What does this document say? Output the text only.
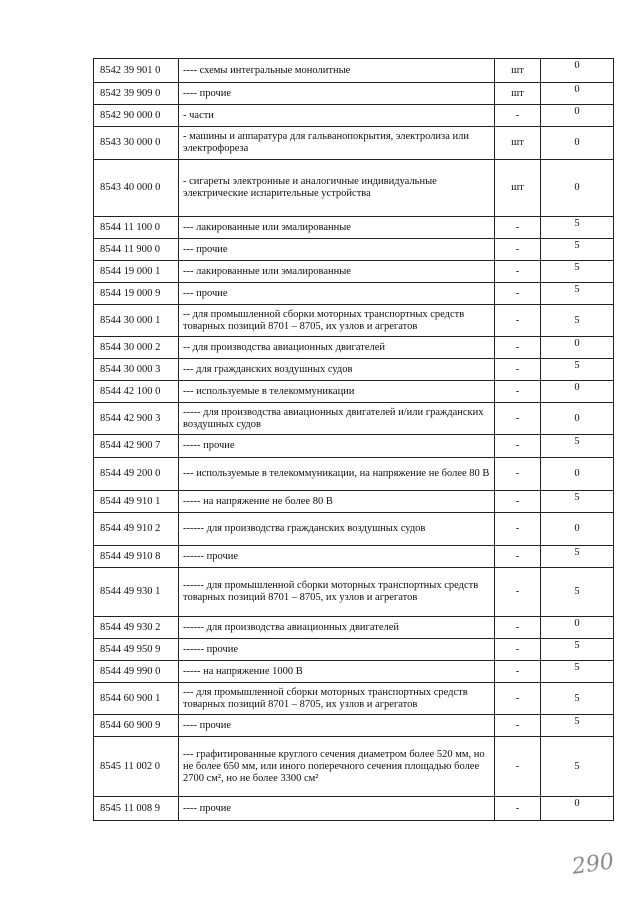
8542 39 901 0	---- схемы интегральные монолитные	шт	0
8542 39 909 0	---- прочие	шт	0
8542 90 000 0	- части	-	0
8543 30 000 0	- машины и аппаратура для гальванопокрытия, электролиза или электрофореза	шт	0
8543 40 000 0	- сигареты электронные и аналогичные индивидуальные электрические испарительные устройства	шт	0
8544 11 100 0	--- лакированные или эмалированные	-	5
8544 11 900 0	--- прочие	-	5
8544 19 000 1	--- лакированные или эмалированные	-	5
8544 19 000 9	--- прочие	-	5
8544 30 000 1	-- для промышленной сборки моторных транспортных средств товарных позиций 8701 – 8705, их узлов и агрегатов	-	5
8544 30 000 2	-- для производства авиационных двигателей	-	0
8544 30 000 3	--- для гражданских воздушных судов	-	5
8544 42 100 0	--- используемые в телекоммуникации	-	0
8544 42 900 3	----- для производства авиационных двигателей и/или гражданских воздушных судов	-	0
8544 42 900 7	----- прочие	-	5
8544 49 200 0	--- используемые в телекоммуникации, на напряжение не более 80 В	-	0
8544 49 910 1	----- на напряжение не более 80 В	-	5
8544 49 910 2	------ для производства гражданских воздушных судов	-	0
8544 49 910 8	------ прочие	-	5
8544 49 930 1	------ для промышленной сборки моторных транспортных средств товарных позиций 8701 – 8705, их узлов и агрегатов	-	5
8544 49 930 2	------ для производства авиационных двигателей	-	0
8544 49 950 9	------ прочие	-	5
8544 49 990 0	----- на напряжение 1000 В	-	5
8544 60 900 1	--- для промышленной сборки моторных транспортных средств товарных позиций 8701 – 8705, их узлов и агрегатов	-	5
8544 60 900 9	---- прочие	-	5
8545 11 002 0	--- графитированные круглого сечения диаметром более 520 мм, но не более 650 мм, или иного поперечного сечения площадью более 2700 см², но не более 3300 см²	-	5
8545 11 008 9	---- прочие	-	0
290
